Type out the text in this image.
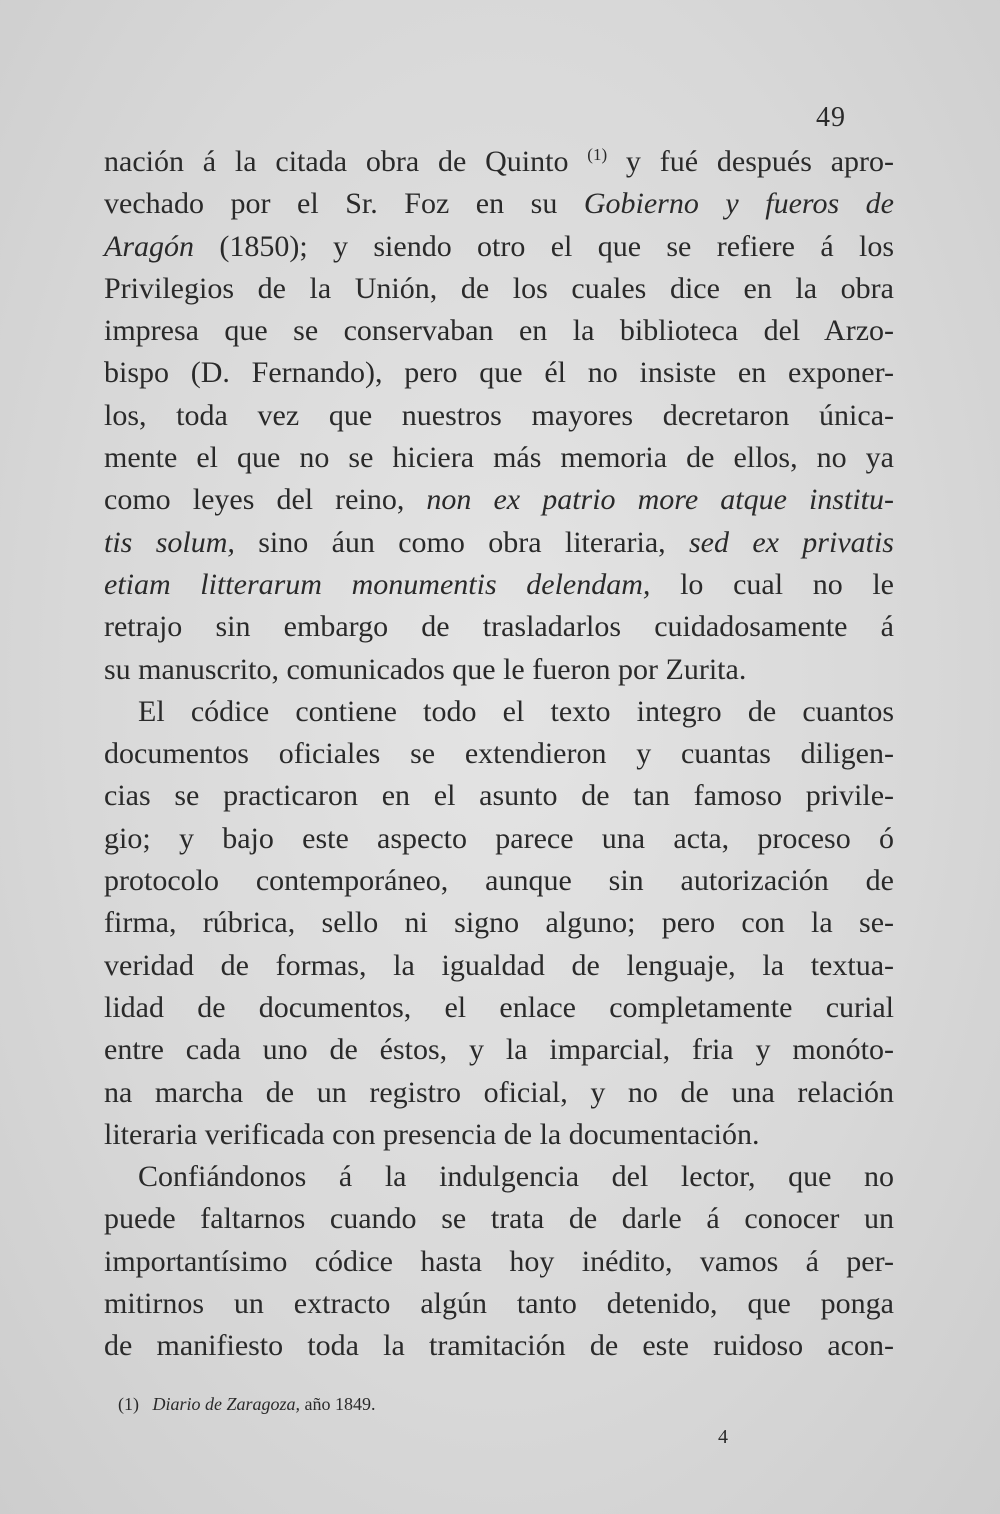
49
nación á la citada obra de Quinto $^{(1)}$ y fué después apro-
vechado por el Sr. Foz en su Gobierno y fueros de
Aragón (1850); y siendo otro el que se refiere á los
Privilegios de la Unión, de los cuales dice en la obra
impresa que se conservaban en la biblioteca del Arzo-
bispo (D. Fernando), pero que él no insiste en exponer-
los, toda vez que nuestros mayores decretaron única-
mente el que no se hiciera más memoria de ellos, no ya
como leyes del reino, non ex patrio more atque institu-
tis solum, sino áun como obra literaria, sed ex privatis
etiam litterarum monumentis delendam, lo cual no le
retrajo sin embargo de trasladarlos cuidadosamente á
su manuscrito, comunicados que le fueron por Zurita.
El códice contiene todo el texto integro de cuantos
documentos oficiales se extendieron y cuantas diligen-
cias se practicaron en el asunto de tan famoso privile-
gio; y bajo este aspecto parece una acta, proceso ó
protocolo contemporáneo, aunque sin autorización de
firma, rúbrica, sello ni signo alguno; pero con la se-
veridad de formas, la igualdad de lenguaje, la textua-
lidad de documentos, el enlace completamente curial
entre cada uno de éstos, y la imparcial, fria y monóto-
na marcha de un registro oficial, y no de una relación
literaria verificada con presencia de la documentación.
Confiándonos á la indulgencia del lector, que no
puede faltarnos cuando se trata de darle á conocer un
importantísimo códice hasta hoy inédito, vamos á per-
mitirnos un extracto algún tanto detenido, que ponga
de manifiesto toda la tramitación de este ruidoso acon-
(1)   Diario de Zaragoza, año 1849.
4
